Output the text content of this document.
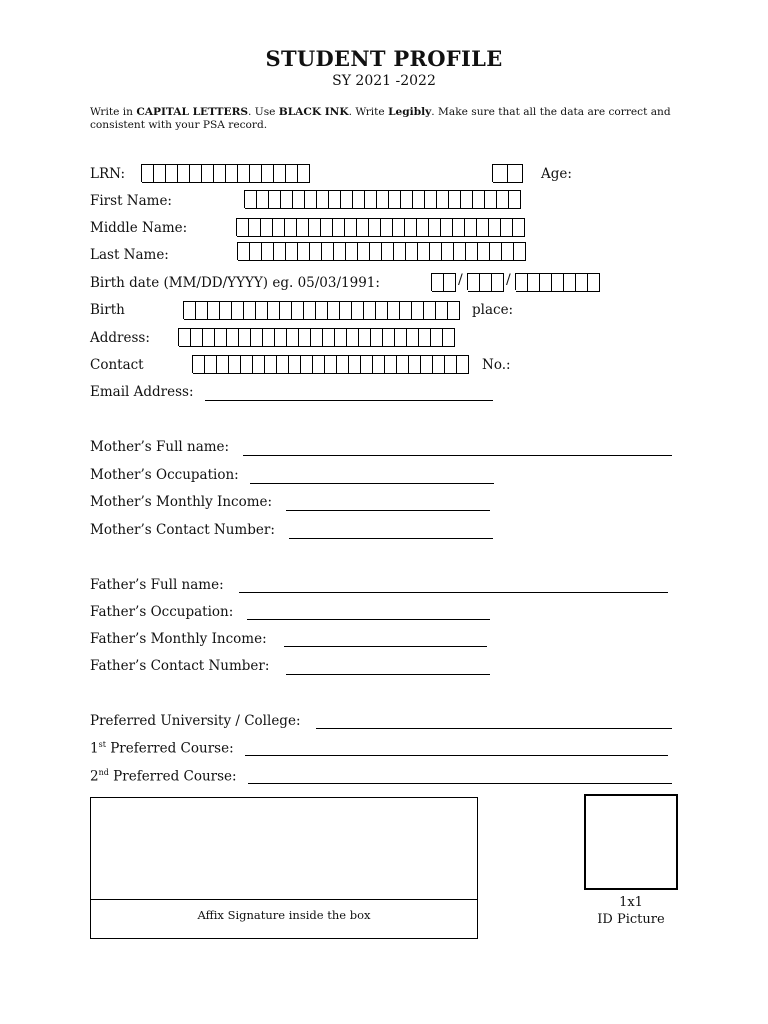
STUDENT PROFILE
SY 2021 -2022
Write in CAPITAL LETTERS. Use BLACK INK. Write Legibly. Make sure that all the data are correct and consistent with your PSA record.
LRN:	Age:
First Name:
Middle Name:
Last Name:
Birth date (MM/DD/YYYY) eg. 05/03/1991:
/
/
Birth	place:
Address:
Contact	No.:
Email Address:
Mother’s Full name:
Mother’s Occupation:
Mother’s Monthly Income:
Mother’s Contact Number:
Father’s Full name:
Father’s Occupation:
Father’s Monthly Income:
Father’s Contact Number:
Preferred University / College:
1st Preferred Course:
2nd Preferred Course:
Affix Signature inside the box
1x1
ID Picture
